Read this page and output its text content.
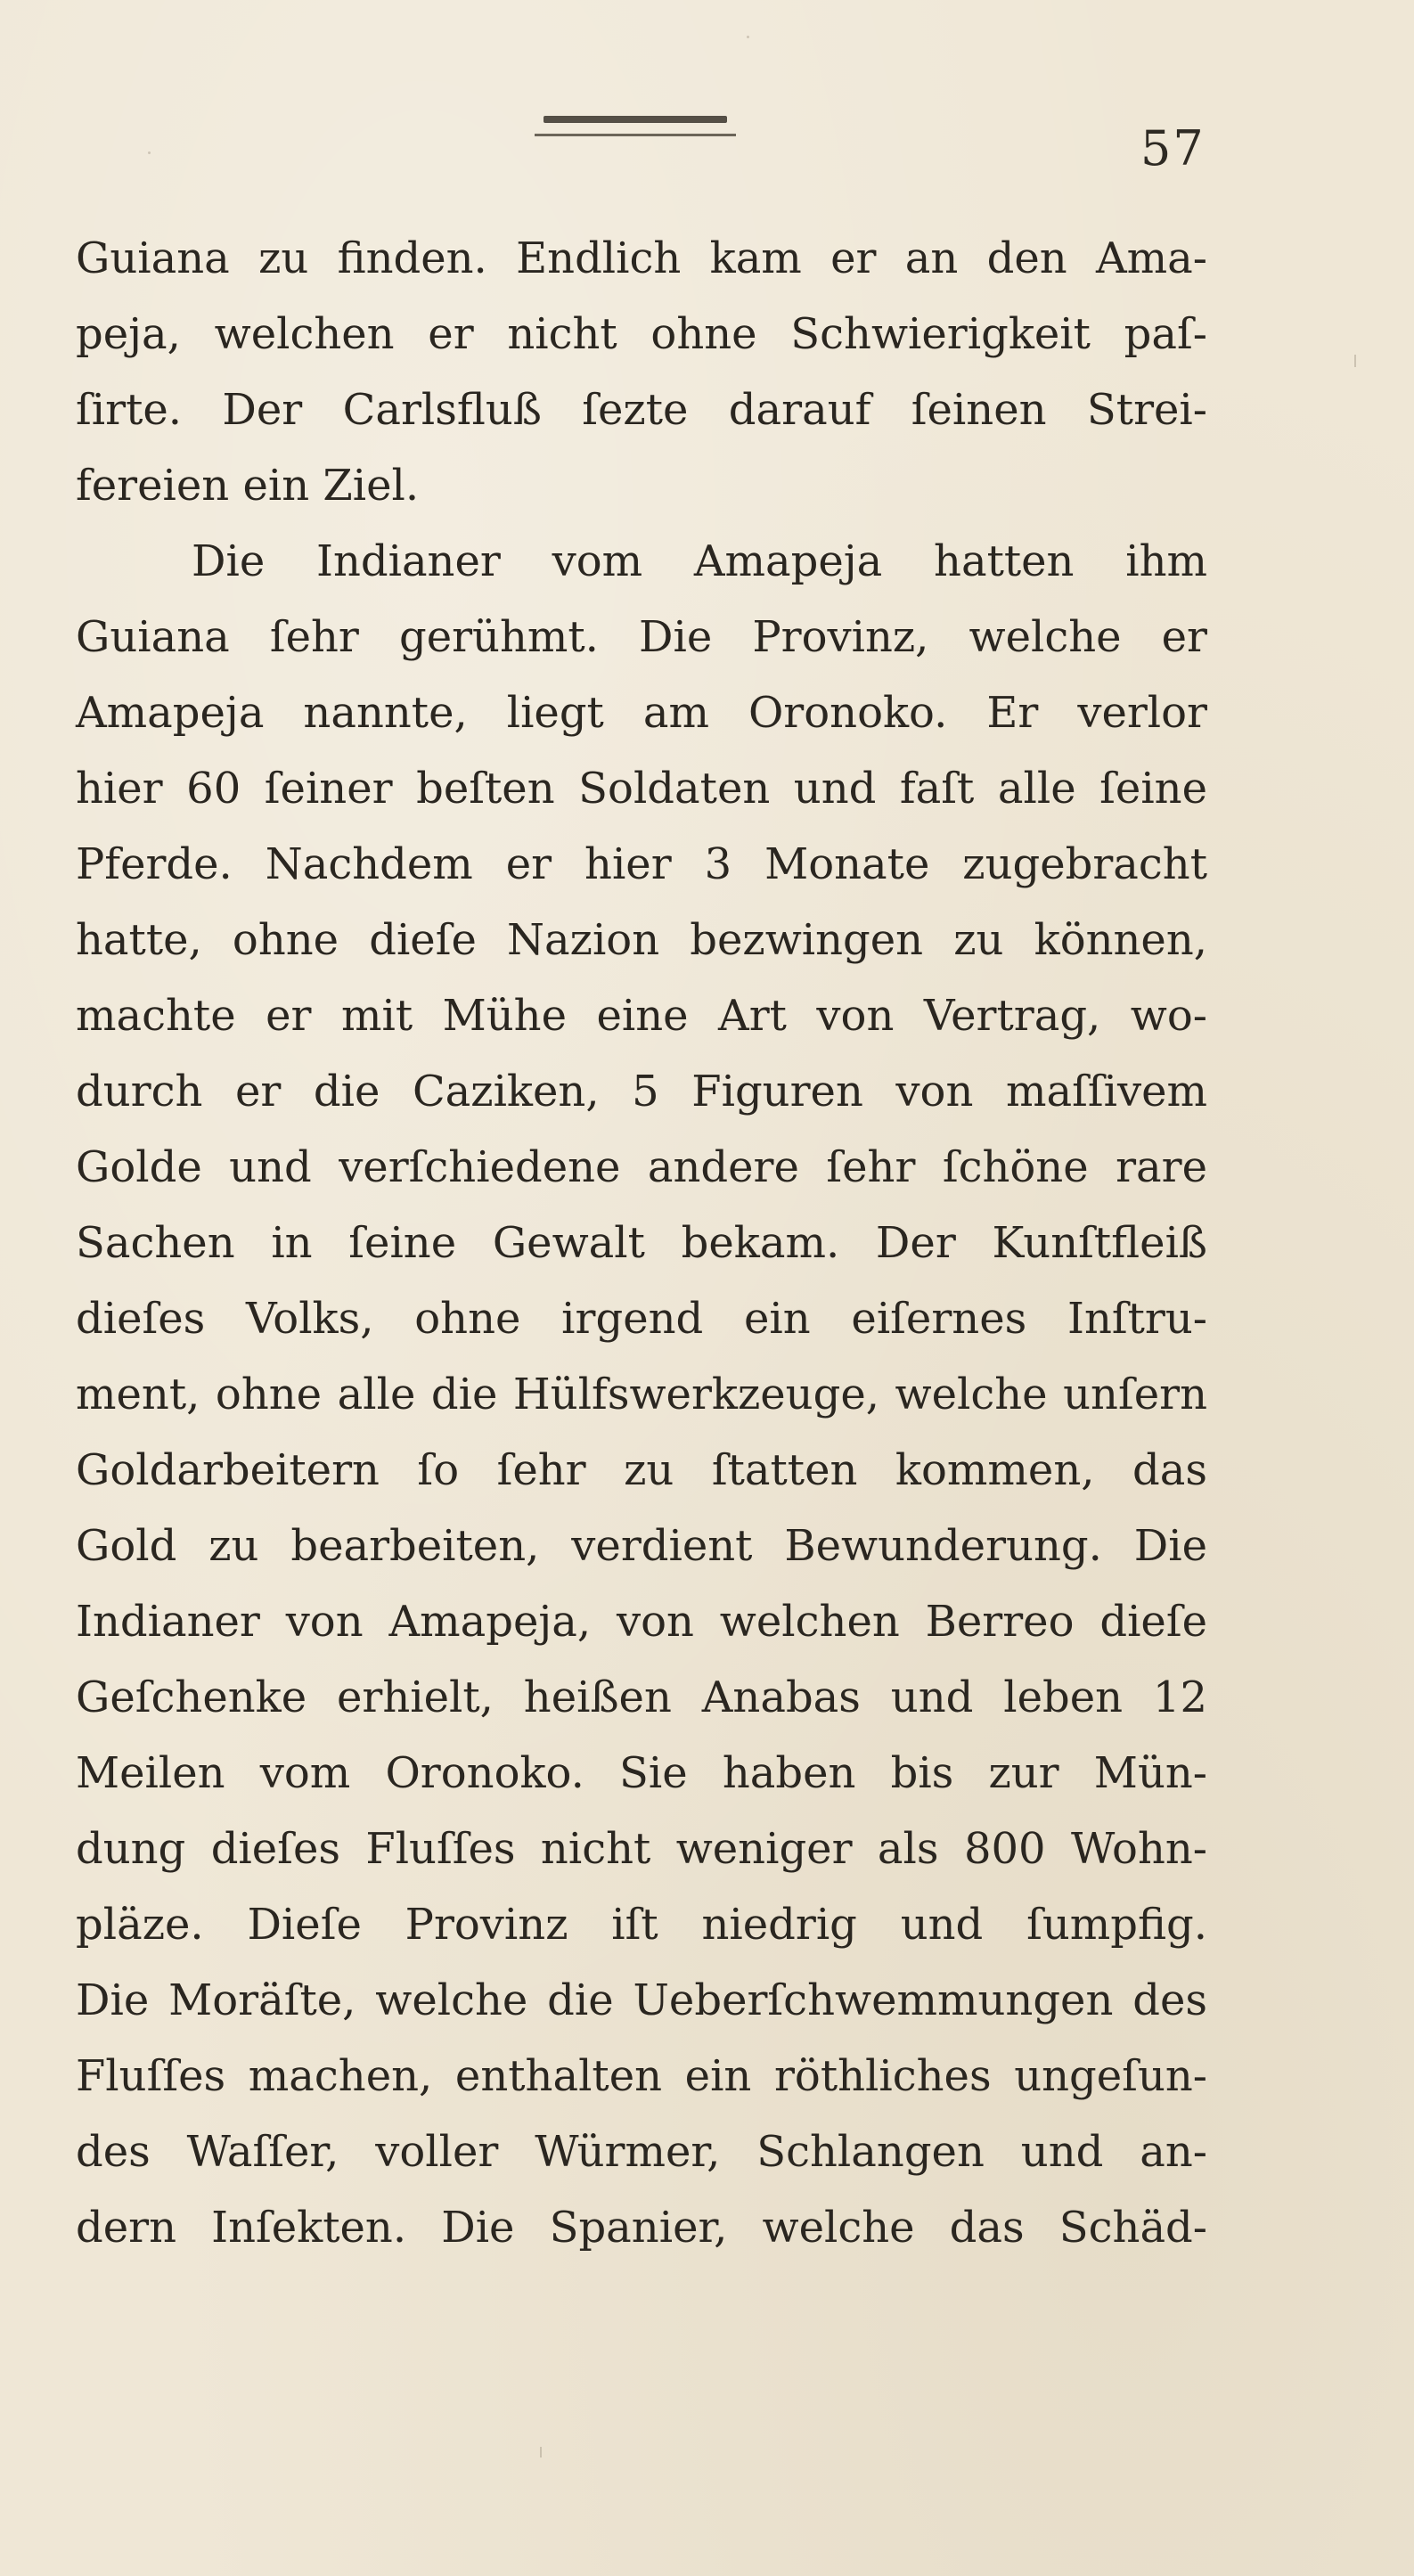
57
Guiana zu finden. Endlich kam er an den Ama-
peja, welchen er nicht ohne Schwierigkeit paſ-
ſirte. Der Carlsfluß ſezte darauf ſeinen Strei-
fereien ein Ziel.
Die Indianer vom Amapeja hatten ihm
Guiana ſehr gerühmt. Die Provinz, welche er
Amapeja nannte, liegt am Oronoko. Er verlor
hier 60 ſeiner beſten Soldaten und faſt alle ſeine
Pferde. Nachdem er hier 3 Monate zugebracht
hatte, ohne dieſe Nazion bezwingen zu können,
machte er mit Mühe eine Art von Vertrag, wo-
durch er die Caziken, 5 Figuren von maſſivem
Golde und verſchiedene andere ſehr ſchöne rare
Sachen in ſeine Gewalt bekam. Der Kunſtfleiß
dieſes Volks, ohne irgend ein eiſernes Inſtru-
ment, ohne alle die Hülfswerkzeuge, welche unſern
Goldarbeitern ſo ſehr zu ſtatten kommen, das
Gold zu bearbeiten, verdient Bewunderung. Die
Indianer von Amapeja, von welchen Berreo dieſe
Geſchenke erhielt, heißen Anabas und leben 12
Meilen vom Oronoko. Sie haben bis zur Mün-
dung dieſes Fluſſes nicht weniger als 800 Wohn-
pläze. Dieſe Provinz iſt niedrig und ſumpfig.
Die Moräſte, welche die Ueberſchwemmungen des
Fluſſes machen, enthalten ein röthliches ungeſun-
des Waſſer, voller Würmer, Schlangen und an-
dern Inſekten. Die Spanier, welche das Schäd-
